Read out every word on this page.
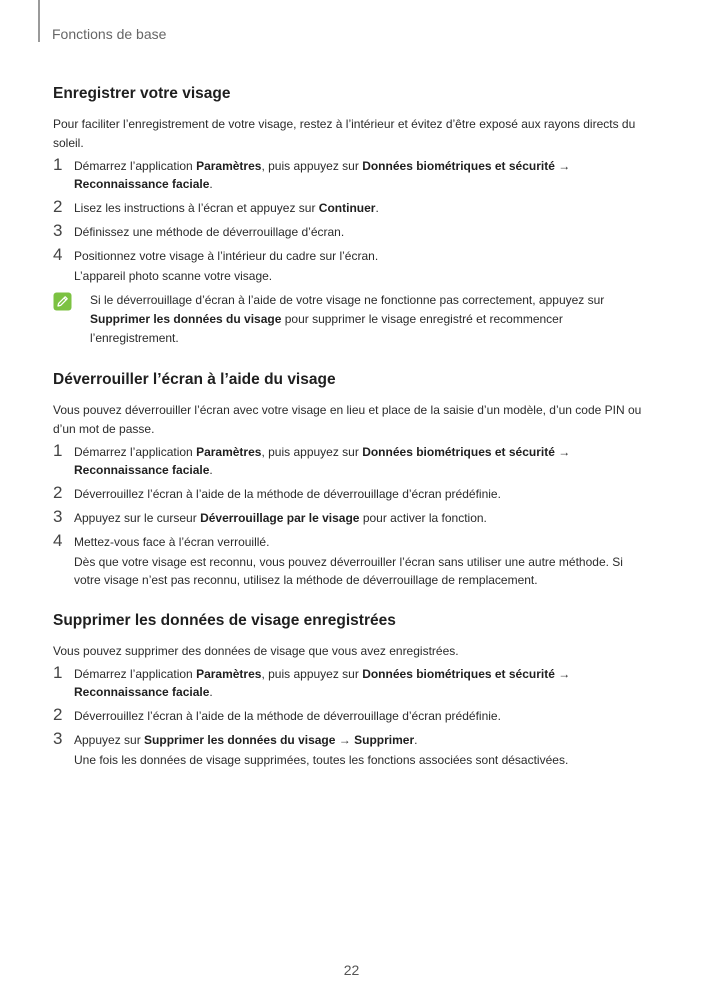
Fonctions de base
Enregistrer votre visage

Pour faciliter l’enregistrement de votre visage, restez à l’intérieur et évitez d’être exposé aux rayons directs du soleil.

1 Démarrez l’application Paramètres, puis appuyez sur Données biométriques et sécurité → Reconnaissance faciale.
2 Lisez les instructions à l’écran et appuyez sur Continuer.
3 Définissez une méthode de déverrouillage d’écran.
4 Positionnez votre visage à l’intérieur du cadre sur l’écran.
L’appareil photo scanne votre visage.
Si le déverrouillage d’écran à l’aide de votre visage ne fonctionne pas correctement, appuyez sur Supprimer les données du visage pour supprimer le visage enregistré et recommencer l’enregistrement.
Déverrouiller l’écran à l’aide du visage

Vous pouvez déverrouiller l’écran avec votre visage en lieu et place de la saisie d’un modèle, d’un code PIN ou d’un mot de passe.

1 Démarrez l’application Paramètres, puis appuyez sur Données biométriques et sécurité → Reconnaissance faciale.
2 Déverrouillez l’écran à l’aide de la méthode de déverrouillage d’écran prédéfinie.
3 Appuyez sur le curseur Déverrouillage par le visage pour activer la fonction.
4 Mettez-vous face à l’écran verrouillé.
Dès que votre visage est reconnu, vous pouvez déverrouiller l’écran sans utiliser une autre méthode. Si votre visage n’est pas reconnu, utilisez la méthode de déverrouillage de remplacement.
Supprimer les données de visage enregistrées

Vous pouvez supprimer des données de visage que vous avez enregistrées.

1 Démarrez l’application Paramètres, puis appuyez sur Données biométriques et sécurité → Reconnaissance faciale.
2 Déverrouillez l’écran à l’aide de la méthode de déverrouillage d’écran prédéfinie.
3 Appuyez sur Supprimer les données du visage → Supprimer.
Une fois les données de visage supprimées, toutes les fonctions associées sont désactivées.
22
